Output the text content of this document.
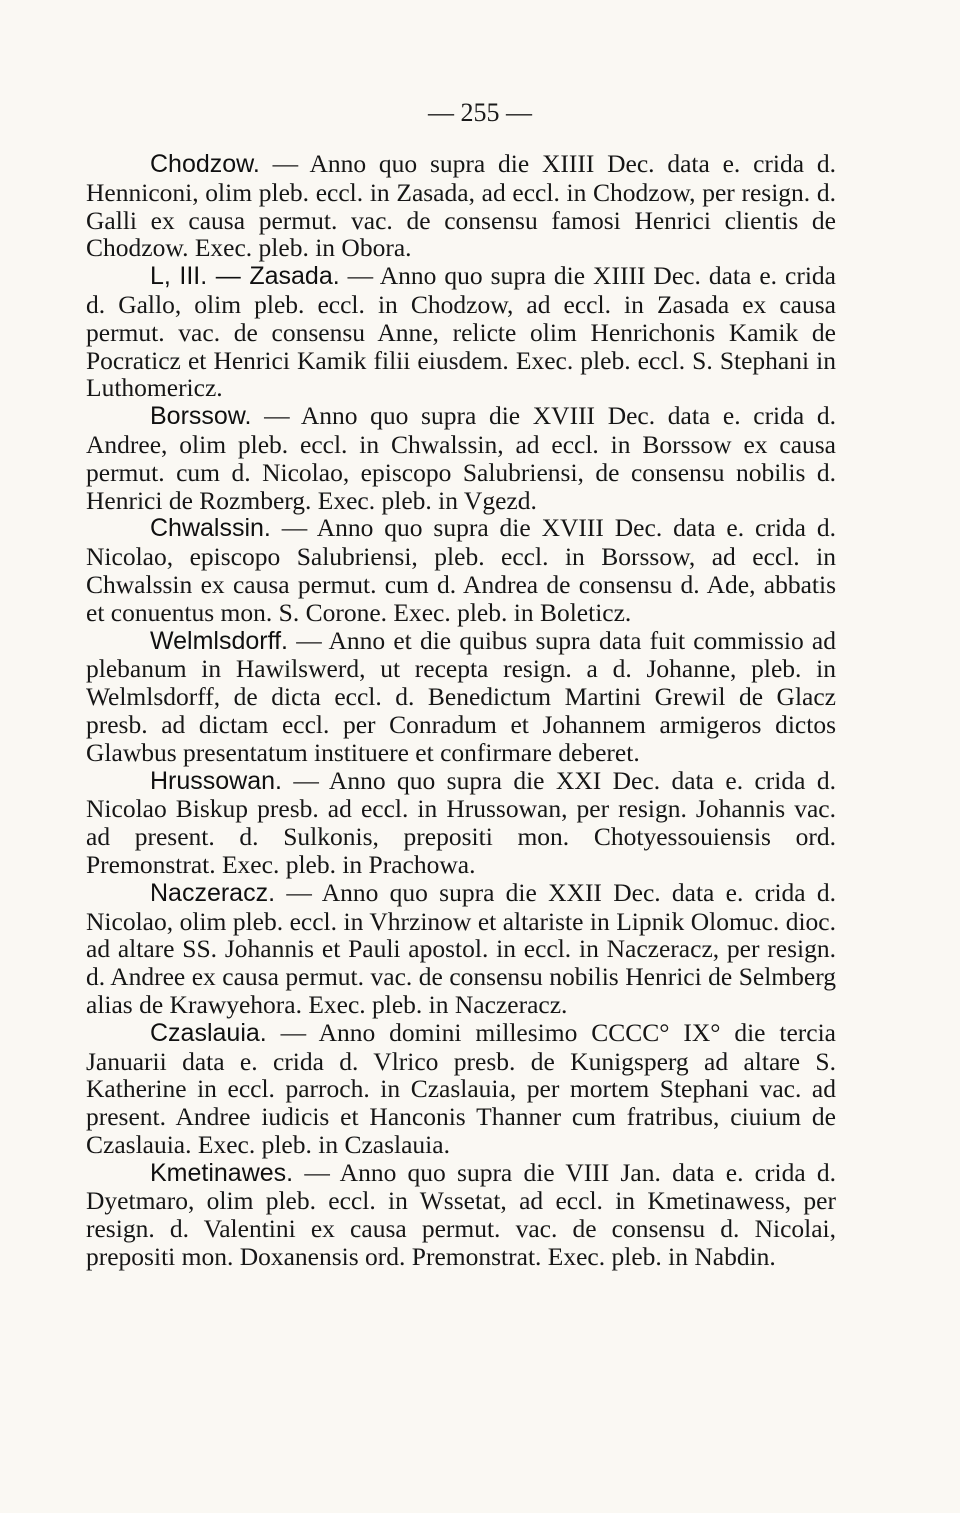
— 255 —

Chodzow. — Anno quo supra die XIIII Dec. data e. crida d. Henniconi, olim pleb. eccl. in Zasada, ad eccl. in Chodzow, per resign. d. Galli ex causa permut. vac. de consensu famosi Henrici clientis de Chodzow. Exec. pleb. in Obora.

L, III. — Zasada. — Anno quo supra die XIIII Dec. data e. crida d. Gallo, olim pleb. eccl. in Chodzow, ad eccl. in Zasada ex causa permut. vac. de consensu Anne, relicte olim Henrichonis Kamik de Pocraticz et Henrici Kamik filii eiusdem. Exec. pleb. eccl. S. Stephani in Luthomericz.

Borssow. — Anno quo supra die XVIII Dec. data e. crida d. Andree, olim pleb. eccl. in Chwalssin, ad eccl. in Borssow ex causa permut. cum d. Nicolao, episcopo Salubriensi, de consensu nobilis d. Henrici de Rozmberg. Exec. pleb. in Vgezd.

Chwalssin. — Anno quo supra die XVIII Dec. data e. crida d. Nicolao, episcopo Salubriensi, pleb. eccl. in Borssow, ad eccl. in Chwalssin ex causa permut. cum d. Andrea de consensu d. Ade, abbatis et conuentus mon. S. Corone. Exec. pleb. in Boleticz.

Welmlsdorff. — Anno et die quibus supra data fuit commissio ad plebanum in Hawilswerd, ut recepta resign. a d. Johanne, pleb. in Welmlsdorff, de dicta eccl. d. Benedictum Martini Grewil de Glacz presb. ad dictam eccl. per Conradum et Johannem armigeros dictos Glawbus presentatum instituere et confirmare deberet.

Hrussowan. — Anno quo supra die XXI Dec. data e. crida d. Nicolao Biskup presb. ad eccl. in Hrussowan, per resign. Johannis vac. ad present. d. Sulkonis, prepositi mon. Chotyessouiensis ord. Premonstrat. Exec. pleb. in Prachowa.

Naczeracz. — Anno quo supra die XXII Dec. data e. crida d. Nicolao, olim pleb. eccl. in Vhrzinow et altariste in Lipnik Olomuc. dioc. ad altare SS. Johannis et Pauli apostol. in eccl. in Naczeracz, per resign. d. Andree ex causa permut. vac. de consensu nobilis Henrici de Selmberg alias de Krawyehora. Exec. pleb. in Naczeracz.

Czaslauia. — Anno domini millesimo CCCC° IX° die tercia Januarii data e. crida d. Vlrico presb. de Kunigsperg ad altare S. Katherine in eccl. parroch. in Czaslauia, per mortem Stephani vac. ad present. Andree iudicis et Hanconis Thanner cum fratribus, ciuium de Czaslauia. Exec. pleb. in Czaslauia.

Kmetinawes. — Anno quo supra die VIII Jan. data e. crida d. Dyetmaro, olim pleb. eccl. in Wssetat, ad eccl. in Kmetinawess, per resign. d. Valentini ex causa permut. vac. de consensu d. Nicolai, prepositi mon. Doxanensis ord. Premonstrat. Exec. pleb. in Nabdin.
